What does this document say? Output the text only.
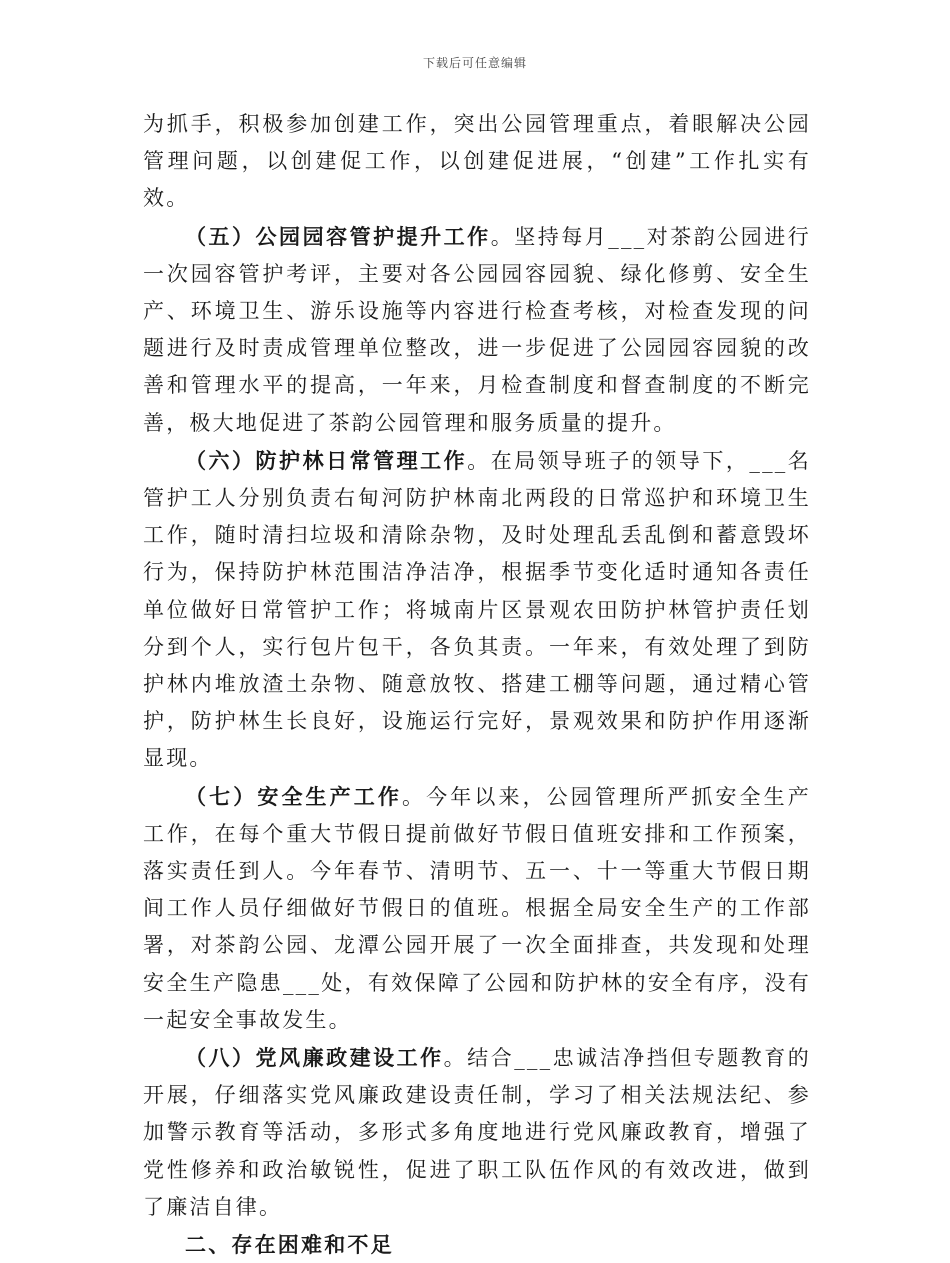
下载后可任意编辑

为抓手，积极参加创建工作，突出公园管理重点，着眼解决公园管理问题，以创建促工作，以创建促进展，“创建”工作扎实有效。

（五）公园园容管护提升工作。坚持每月___对茶韵公园进行一次园容管护考评，主要对各公园园容园貌、绿化修剪、安全生产、环境卫生、游乐设施等内容进行检查考核，对检查发现的问题进行及时责成管理单位整改，进一步促进了公园园容园貌的改善和管理水平的提高，一年来，月检查制度和督查制度的不断完善，极大地促进了茶韵公园管理和服务质量的提升。

（六）防护林日常管理工作。在局领导班子的领导下，___名管护工人分别负责右甸河防护林南北两段的日常巡护和环境卫生工作，随时清扫垃圾和清除杂物，及时处理乱丢乱倒和蓄意毁坏行为，保持防护林范围洁净洁净，根据季节变化适时通知各责任单位做好日常管护工作；将城南片区景观农田防护林管护责任划分到个人，实行包片包干，各负其责。一年来，有效处理了到防护林内堆放渣土杂物、随意放牧、搭建工棚等问题，通过精心管护，防护林生长良好，设施运行完好，景观效果和防护作用逐渐显现。

（七）安全生产工作。今年以来，公园管理所严抓安全生产工作，在每个重大节假日提前做好节假日值班安排和工作预案，落实责任到人。今年春节、清明节、五一、十一等重大节假日期间工作人员仔细做好节假日的值班。根据全局安全生产的工作部署，对茶韵公园、龙潭公园开展了一次全面排查，共发现和处理安全生产隐患___处，有效保障了公园和防护林的安全有序，没有一起安全事故发生。

（八）党风廉政建设工作。结合___忠诚洁净挡但专题教育的开展，仔细落实党风廉政建设责任制，学习了相关法规法纪、参加警示教育等活动，多形式多角度地进行党风廉政教育，增强了党性修养和政治敏锐性，促进了职工队伍作风的有效改进，做到了廉洁自律。

二、存在困难和不足
